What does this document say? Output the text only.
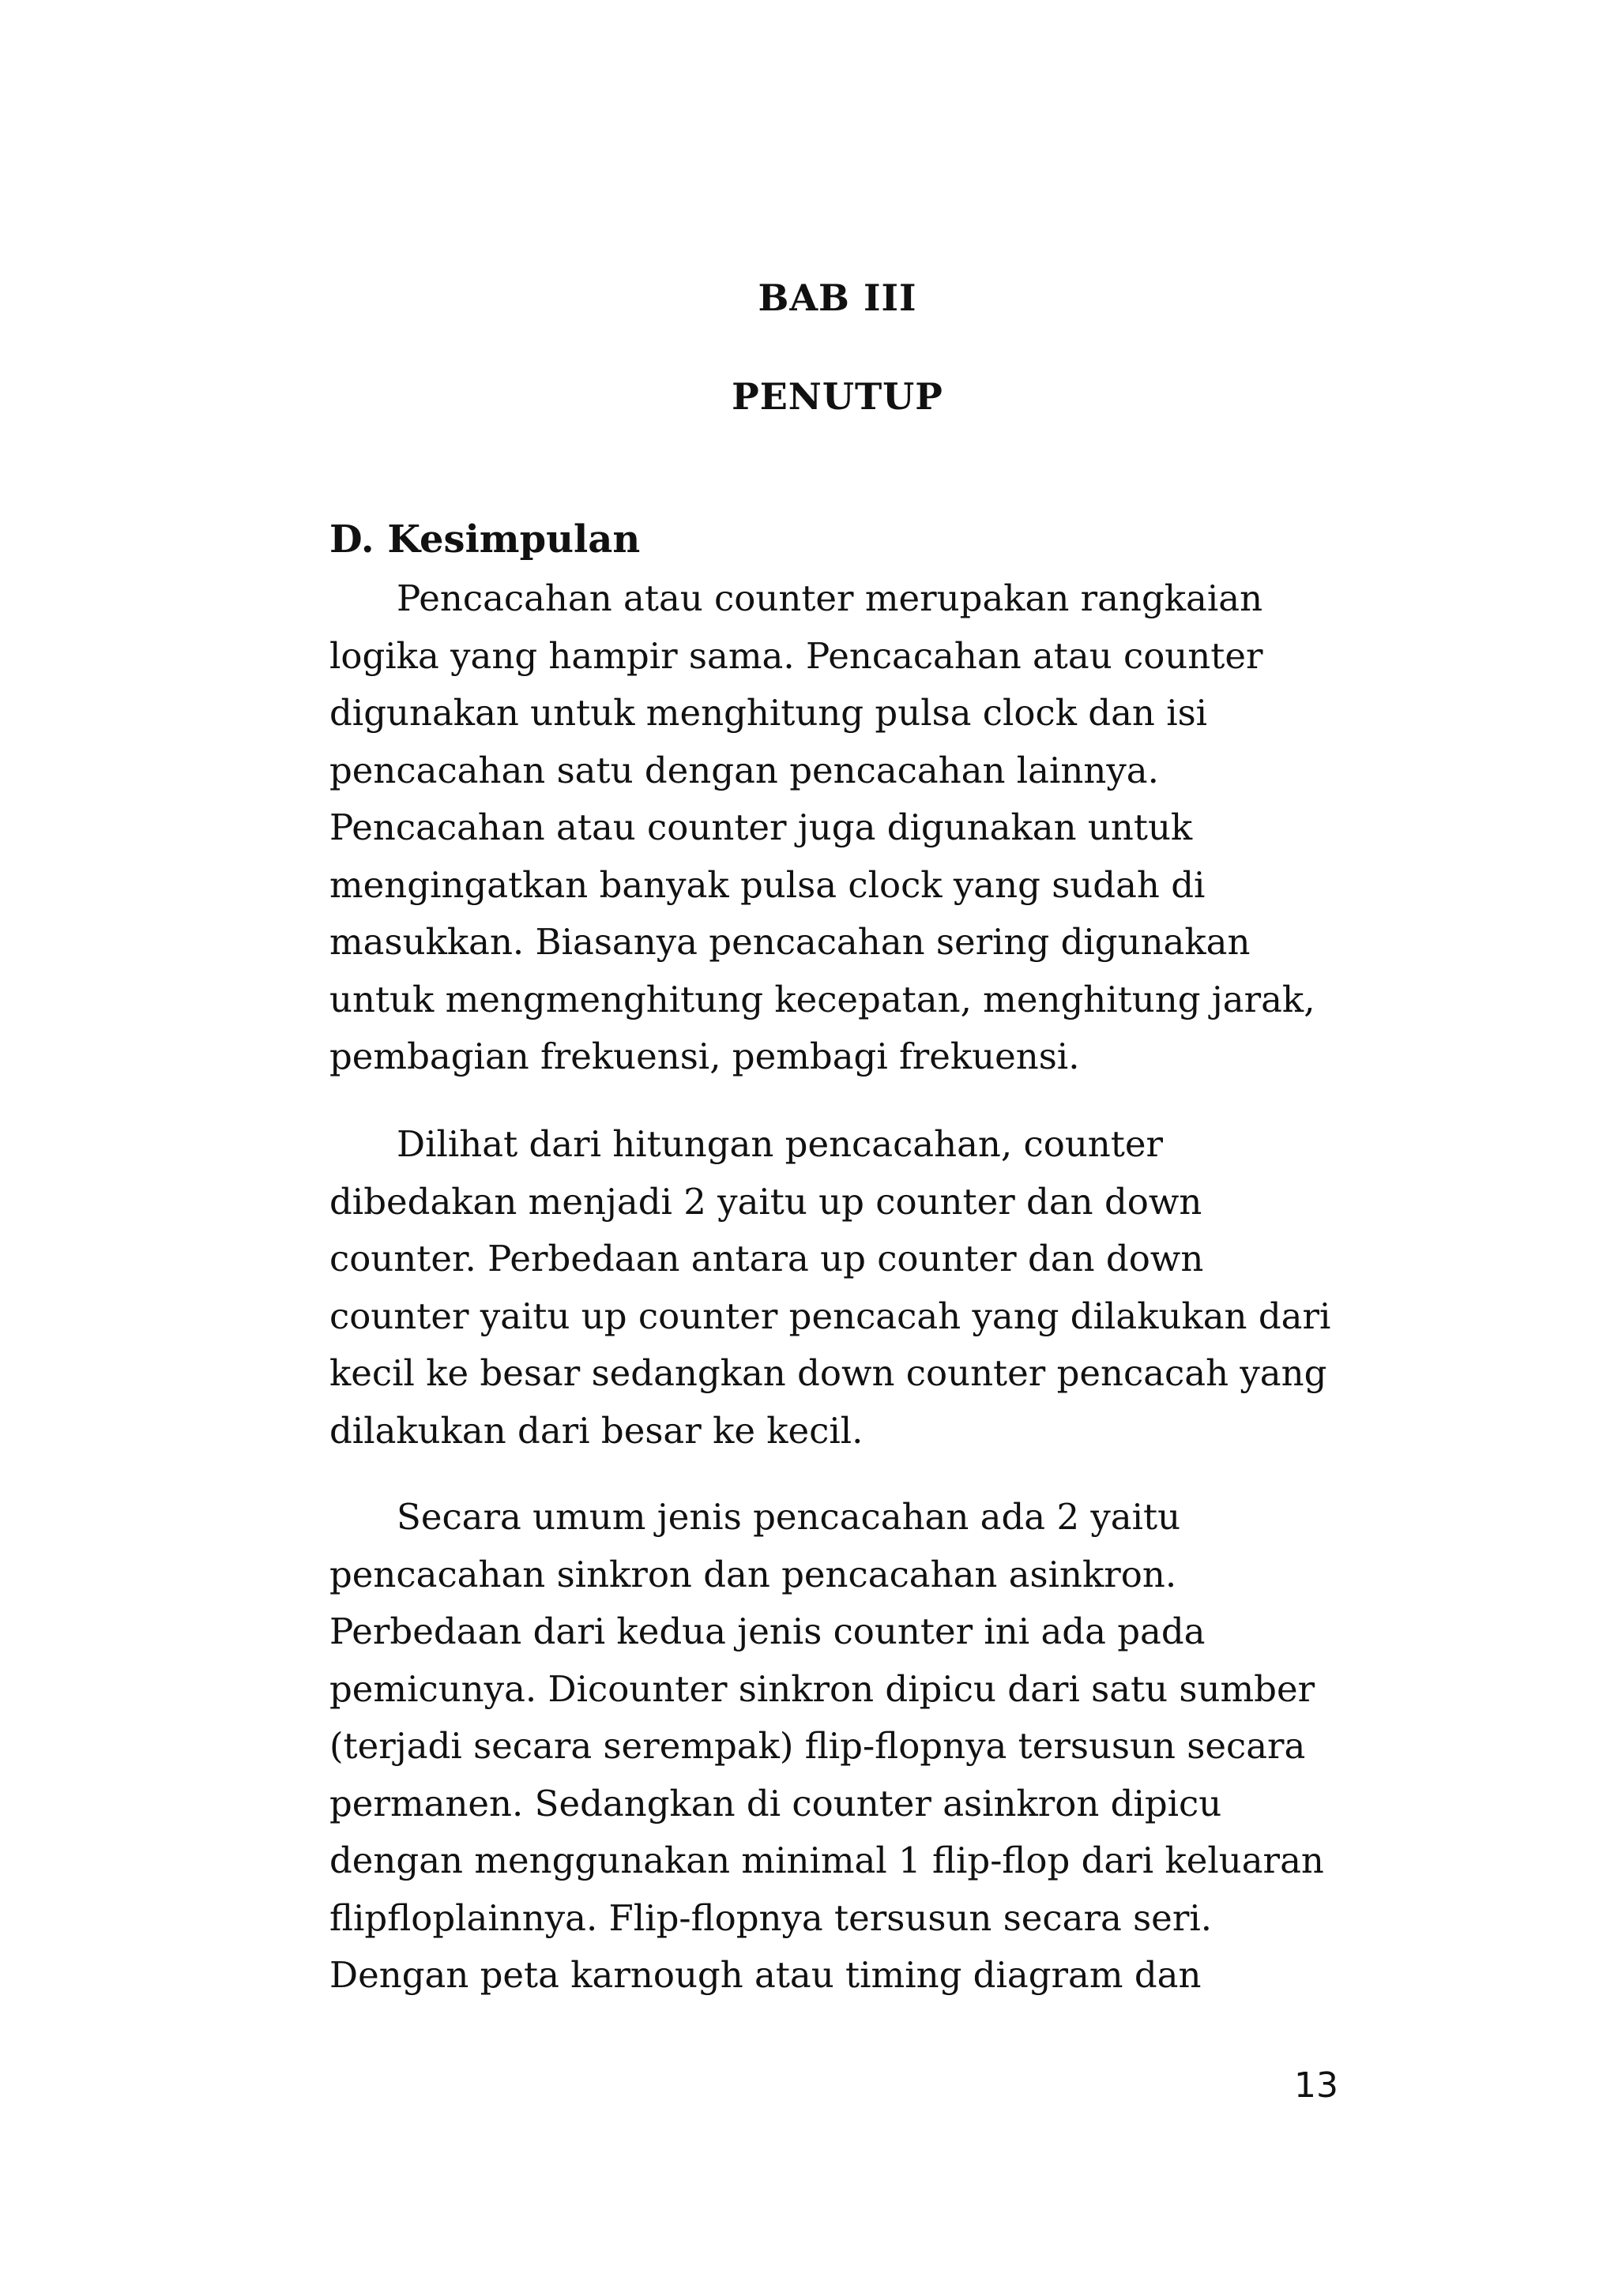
BAB III
PENUTUP
D. Kesimpulan
Pencacahan atau counter merupakan rangkaian
logika yang hampir sama. Pencacahan atau counter
digunakan untuk menghitung pulsa clock dan isi
pencacahan satu dengan pencacahan lainnya.
Pencacahan atau counter juga digunakan untuk
mengingatkan banyak pulsa clock yang sudah di
masukkan. Biasanya pencacahan sering digunakan
untuk mengmenghitung kecepatan, menghitung jarak,
pembagian frekuensi, pembagi frekuensi.
Dilihat dari hitungan pencacahan, counter
dibedakan menjadi 2 yaitu up counter dan down
counter. Perbedaan antara up counter dan down
counter yaitu up counter pencacah yang dilakukan dari
kecil ke besar sedangkan down counter pencacah yang
dilakukan dari besar ke kecil.
Secara umum jenis pencacahan ada 2 yaitu
pencacahan sinkron dan pencacahan asinkron.
Perbedaan dari kedua jenis counter ini ada pada
pemicunya. Dicounter sinkron dipicu dari satu sumber
(terjadi secara serempak) flip-flopnya tersusun secara
permanen. Sedangkan di counter asinkron dipicu
dengan menggunakan minimal 1 flip-flop dari keluaran
flipfloplainnya. Flip-flopnya tersusun secara seri.
Dengan peta karnough atau timing diagram dan
13
